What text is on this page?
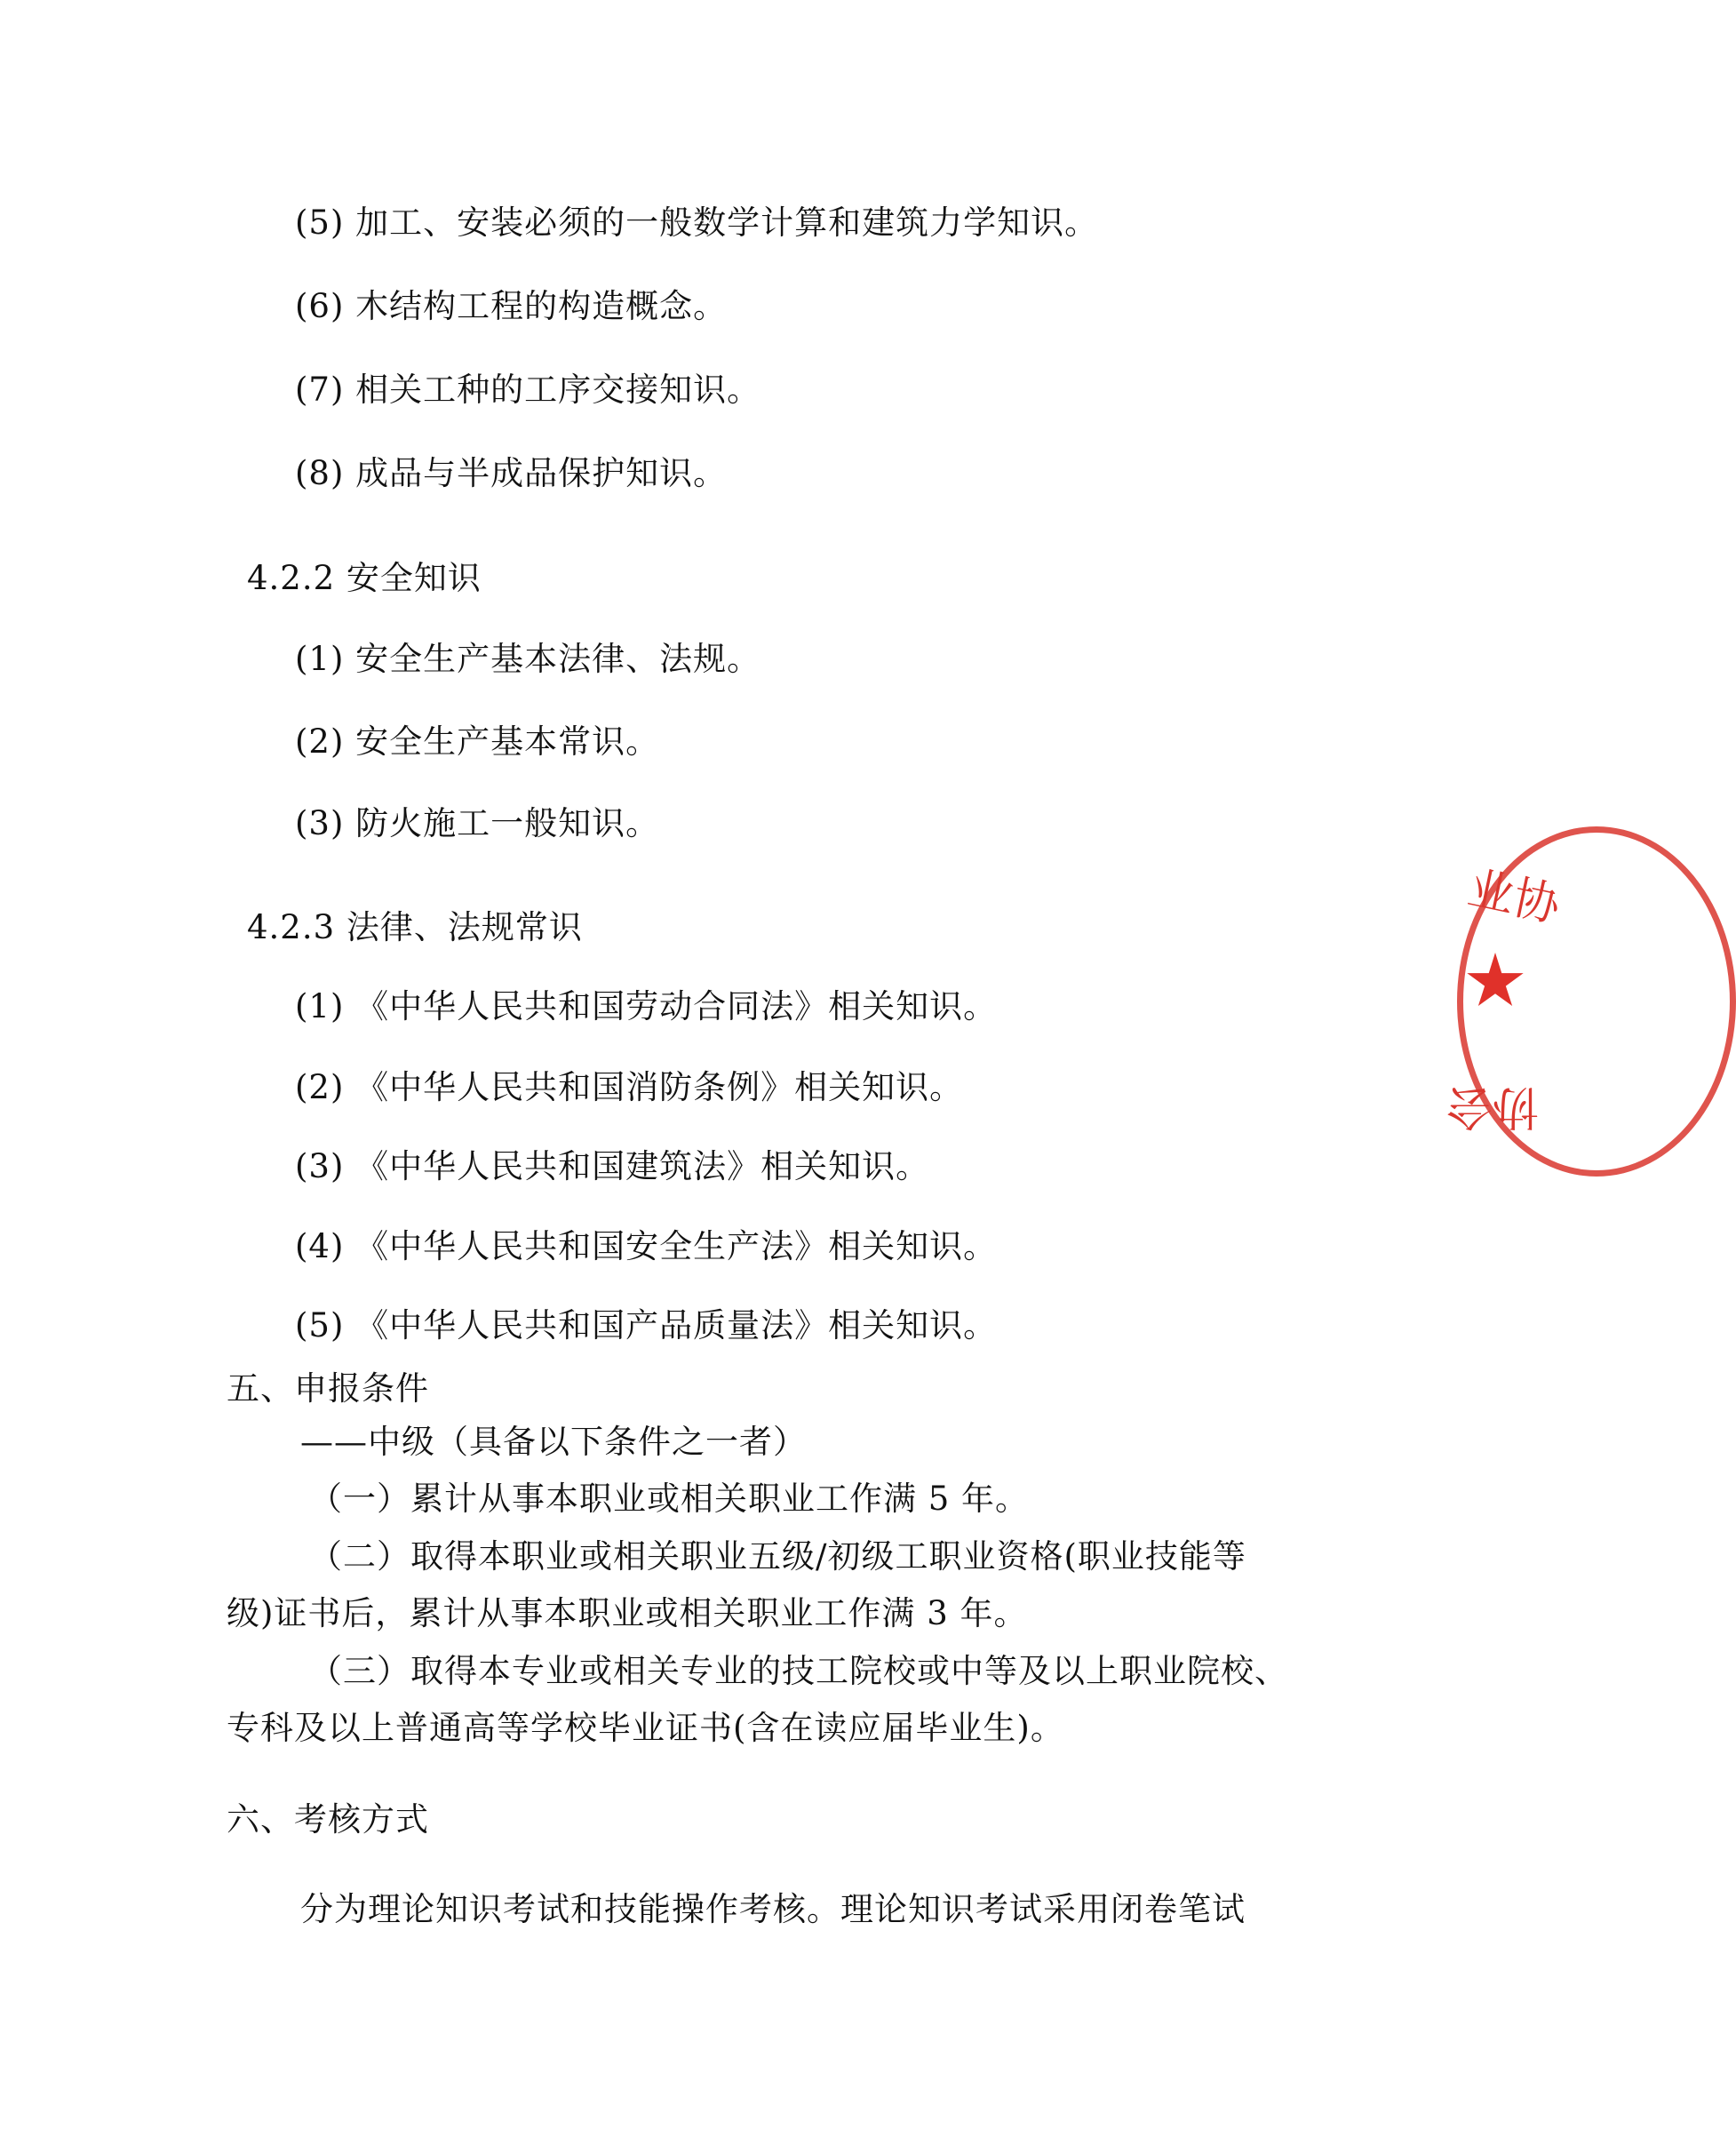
(5) 加工、安装必须的一般数学计算和建筑力学知识。
(6) 木结构工程的构造概念。
(7) 相关工种的工序交接知识。
(8) 成品与半成品保护知识。
4.2.2 安全知识
(1) 安全生产基本法律、法规。
(2) 安全生产基本常识。
(3) 防火施工一般知识。
4.2.3 法律、法规常识
(1) 《中华人民共和国劳动合同法》相关知识。
(2) 《中华人民共和国消防条例》相关知识。
(3) 《中华人民共和国建筑法》相关知识。
(4) 《中华人民共和国安全生产法》相关知识。
(5) 《中华人民共和国产品质量法》相关知识。
五、申报条件
——中级（具备以下条件之一者）
（一）累计从事本职业或相关职业工作满 5 年。
（二）取得本职业或相关职业五级/初级工职业资格(职业技能等
级)证书后，累计从事本职业或相关职业工作满 3 年。
（三）取得本专业或相关专业的技工院校或中等及以上职业院校、
专科及以上普通高等学校毕业证书(含在读应届毕业生)。
六、考核方式
分为理论知识考试和技能操作考核。理论知识考试采用闭卷笔试
业协
协会
